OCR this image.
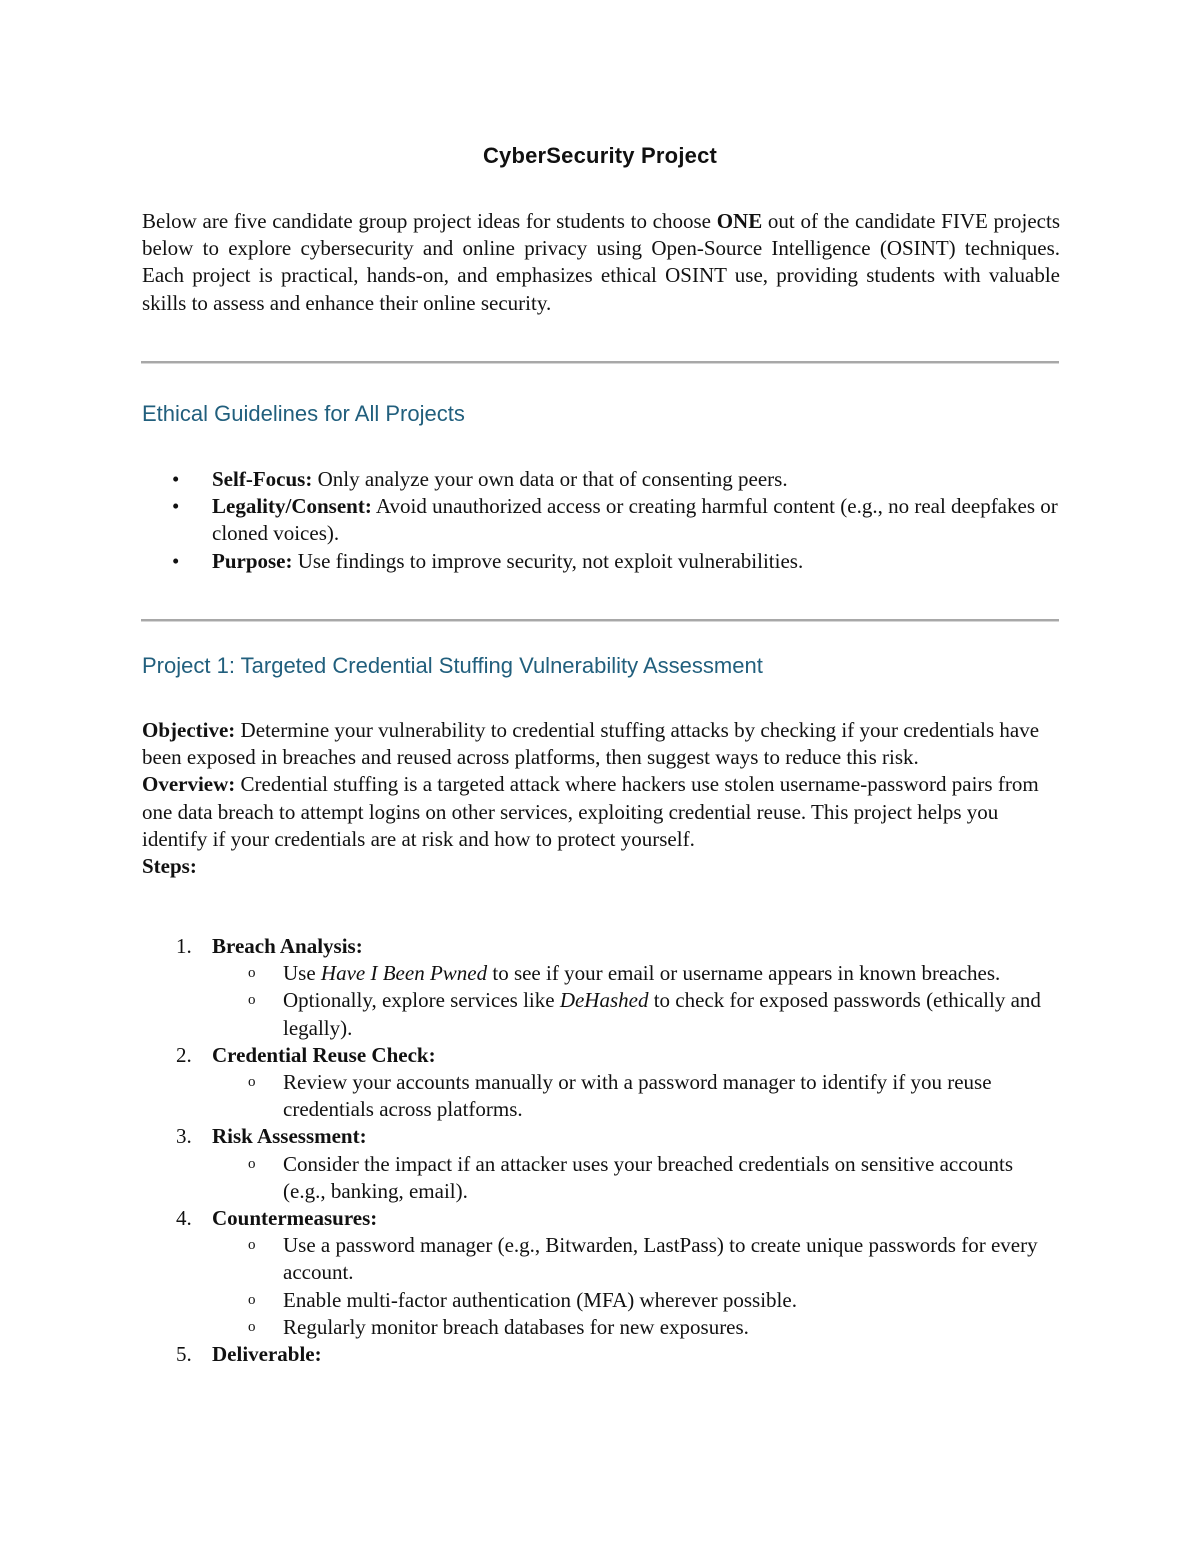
CyberSecurity Project

Below are five candidate group project ideas for students to choose ONE out of the candidate FIVE projects below to explore cybersecurity and online privacy using Open-Source Intelligence (OSINT) techniques. Each project is practical, hands-on, and emphasizes ethical OSINT use, providing students with valuable skills to assess and enhance their online security.

Ethical Guidelines for All Projects
• Self-Focus: Only analyze your own data or that of consenting peers.
• Legality/Consent: Avoid unauthorized access or creating harmful content (e.g., no real deepfakes or cloned voices).
• Purpose: Use findings to improve security, not exploit vulnerabilities.
Project 1: Targeted Credential Stuffing Vulnerability Assessment

Objective: Determine your vulnerability to credential stuffing attacks by checking if your credentials have been exposed in breaches and reused across platforms, then suggest ways to reduce this risk.

Overview: Credential stuffing is a targeted attack where hackers use stolen username-password pairs from one data breach to attempt logins on other services, exploiting credential reuse. This project helps you identify if your credentials are at risk and how to protect yourself.

Steps:

1. Breach Analysis:
o Use Have I Been Pwned to see if your email or username appears in known breaches.
o Optionally, explore services like DeHashed to check for exposed passwords (ethically and legally).
2. Credential Reuse Check:
o Review your accounts manually or with a password manager to identify if you reuse credentials across platforms.
3. Risk Assessment:
o Consider the impact if an attacker uses your breached credentials on sensitive accounts (e.g., banking, email).
4. Countermeasures:
o Use a password manager (e.g., Bitwarden, LastPass) to create unique passwords for every account.
o Enable multi-factor authentication (MFA) wherever possible.
o Regularly monitor breach databases for new exposures.
5. Deliverable:
